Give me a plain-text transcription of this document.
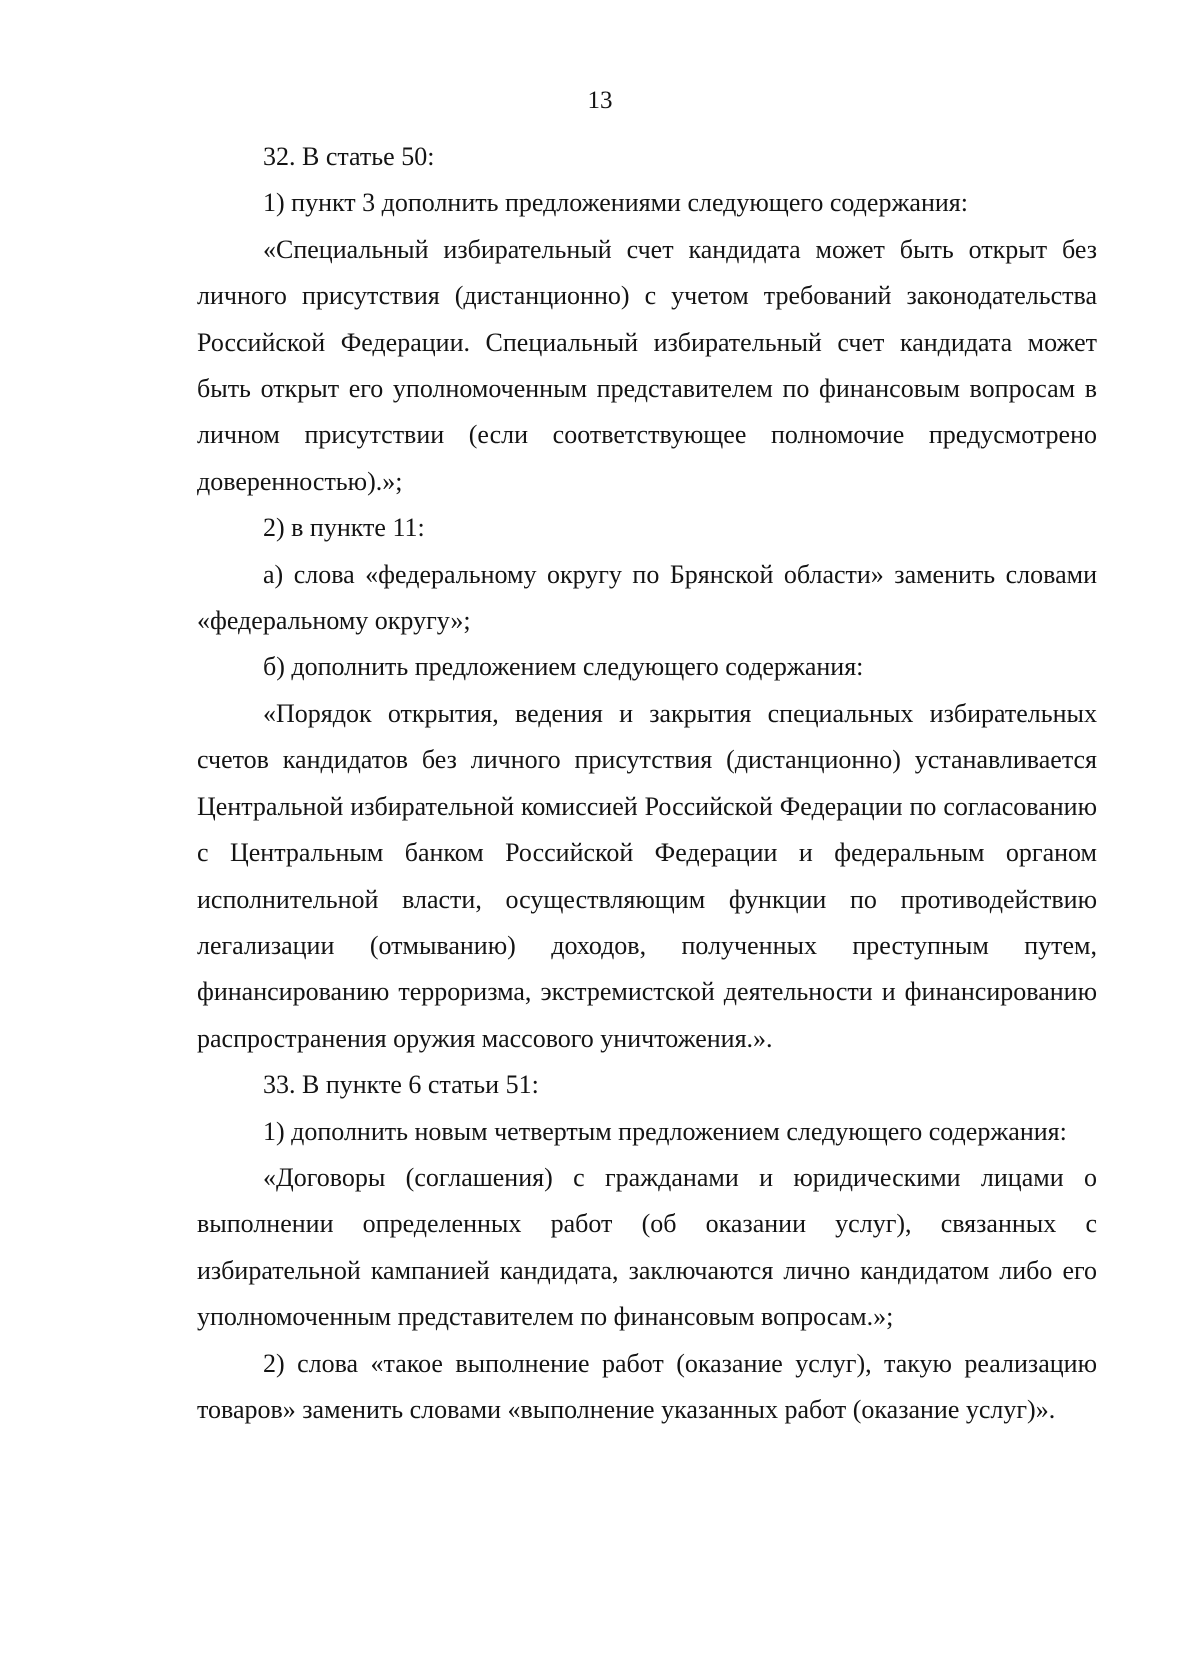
13

32. В статье 50:

1) пункт 3 дополнить предложениями следующего содержания:

«Специальный избирательный счет кандидата может быть открыт без личного присутствия (дистанционно) с учетом требований законодательства Российской Федерации. Специальный избирательный счет кандидата может быть открыт его уполномоченным представителем по финансовым вопросам в личном присутствии (если соответствующее полномочие предусмотрено доверенностью).»;

2) в пункте 11:

а) слова «федеральному округу по Брянской области» заменить словами «федеральному округу»;

б) дополнить предложением следующего содержания:

«Порядок открытия, ведения и закрытия специальных избирательных счетов кандидатов без личного присутствия (дистанционно) устанавливается Центральной избирательной комиссией Российской Федерации по согласованию с Центральным банком Российской Федерации и федеральным органом исполнительной власти, осуществляющим функции по противодействию легализации (отмыванию) доходов, полученных преступным путем, финансированию терроризма, экстремистской деятельности и финансированию распространения оружия массового уничтожения.».

33. В пункте 6 статьи 51:

1) дополнить новым четвертым предложением следующего содержания:

«Договоры (соглашения) с гражданами и юридическими лицами о выполнении определенных работ (об оказании услуг), связанных с избирательной кампанией кандидата, заключаются лично кандидатом либо его уполномоченным представителем по финансовым вопросам.»;

2) слова «такое выполнение работ (оказание услуг), такую реализацию товаров» заменить словами «выполнение указанных работ (оказание услуг)».
